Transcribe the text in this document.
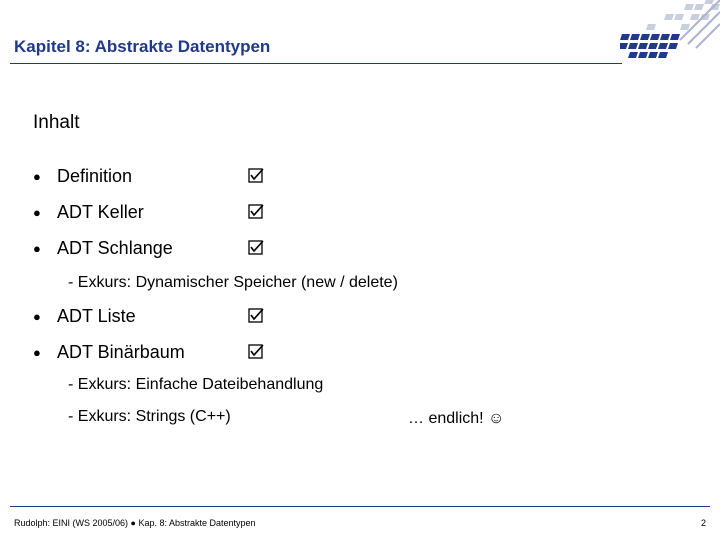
Kapitel 8: Abstrakte Datentypen
Inhalt
● Definition
● ADT Keller
● ADT Schlange
- Exkurs: Dynamischer Speicher (new / delete)
● ADT Liste
● ADT Binärbaum
- Exkurs: Einfache Dateibehandlung
- Exkurs: Strings (C++)	… endlich! ☺
Rudolph: EINI (WS 2005/06) ● Kap. 8: Abstrakte Datentypen	2
